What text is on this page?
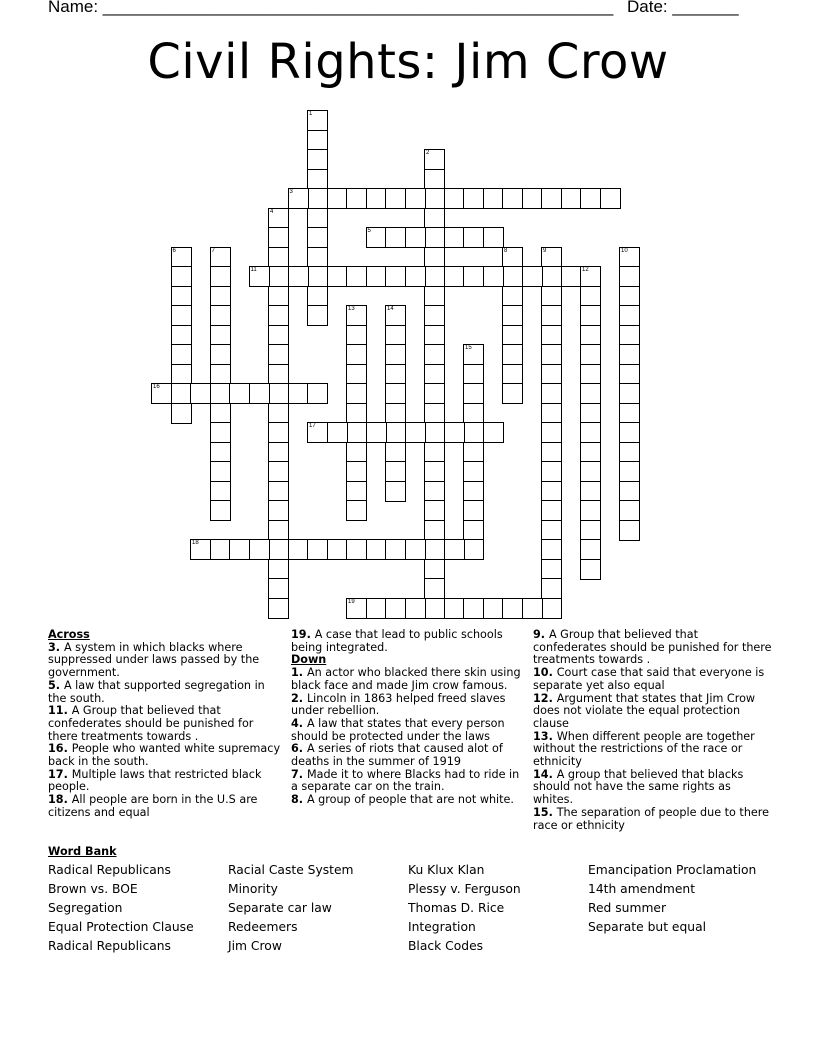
Name: ______________________________________________________ Date: _______
Civil Rights: Jim Crow
1
2
3
4
5
6	7	8	9	10
11	12
13	14
15
16
17
18
19
Across
3. A system in which blacks where suppressed under laws passed by the government.
5. A law that supported segregation in the south.
11. A Group that believed that confederates should be punished for there treatments towards .
16. People who wanted white supremacy back in the south.
17. Multiple laws that restricted black people.
18. All people are born in the U.S are citizens and equal
19. A case that lead to public schools being integrated.
Down
1. An actor who blacked there skin using black face and made Jim crow famous.
2. Lincoln in 1863 helped freed slaves under rebellion.
4. A law that states that every person should be protected under the laws
6. A series of riots that caused alot of deaths in the summer of 1919
7. Made it to where Blacks had to ride in a separate car on the train.
8. A group of people that are not white.
9. A Group that believed that confederates should be punished for there treatments towards .
10. Court case that said that everyone is separate yet also equal
12. Argument that states that Jim Crow does not violate the equal protection clause
13. When different people are together without the restrictions of the race or ethnicity
14. A group that believed that blacks should not have the same rights as whites.
15. The separation of people due to there race or ethnicity
Word Bank
Radical Republicans
Brown vs. BOE
Segregation
Equal Protection Clause
Radical Republicans
Racial Caste System
Minority
Separate car law
Redeemers
Jim Crow
Ku Klux Klan
Plessy v. Ferguson
Thomas D. Rice
Integration
Black Codes
Emancipation Proclamation
14th amendment
Red summer
Separate but equal
